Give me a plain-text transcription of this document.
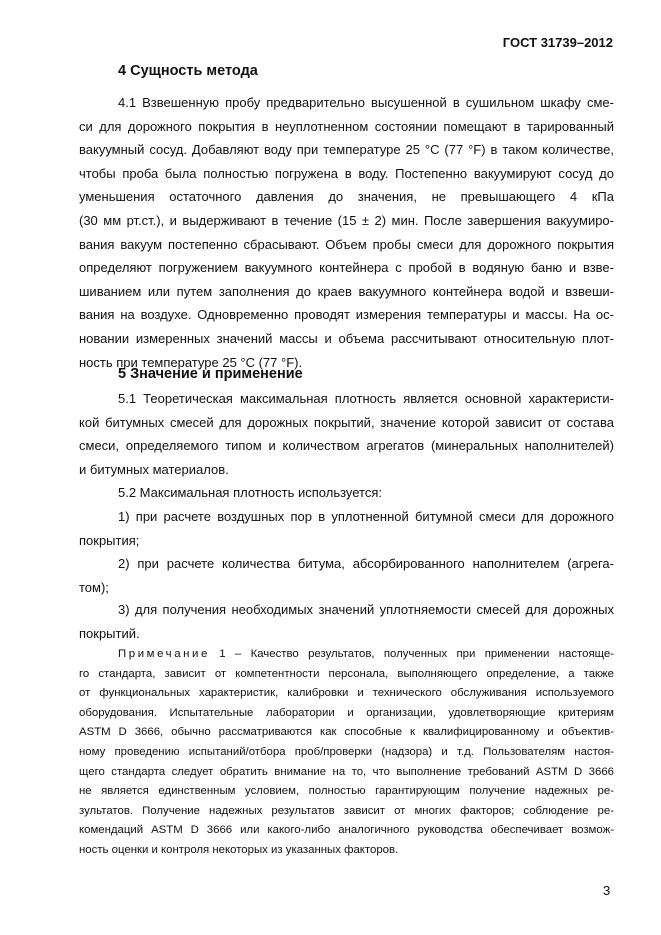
ГОСТ 31739–2012
4 Сущность метода
4.1 Взвешенную пробу предварительно высушенной в сушильном шкафу сме-
си для дорожного покрытия в неуплотненном состоянии помещают в тарированный
вакуумный сосуд. Добавляют воду при температуре 25 °С (77 °F) в таком количестве,
чтобы проба была полностью погружена в воду. Постепенно вакуумируют сосуд до
уменьшения остаточного давления до значения, не превышающего 4 кПа
(30 мм рт.ст.), и выдерживают в течение (15 ± 2) мин. После завершения вакуумиро-
вания вакуум постепенно сбрасывают. Объем пробы смеси для дорожного покрытия
определяют погружением вакуумного контейнера с пробой в водяную баню и взве-
шиванием или путем заполнения до краев вакуумного контейнера водой и взвеши-
вания на воздухе. Одновременно проводят измерения температуры и массы. На ос-
новании измеренных значений массы и объема рассчитывают относительную плот-
ность при температуре 25 °С (77 °F).
5 Значение и применение
5.1 Теоретическая максимальная плотность является основной характеристи-
кой битумных смесей для дорожных покрытий, значение которой зависит от состава
смеси, определяемого типом и количеством агрегатов (минеральных наполнителей)
и битумных материалов.
5.2 Максимальная плотность используется:
1) при расчете воздушных пор в уплотненной битумной смеси для дорожного
покрытия;
2) при расчете количества битума, абсорбированного наполнителем (агрега-
том);
3) для получения необходимых значений уплотняемости смесей для дорожных
покрытий.
Примечание 1 – Качество результатов, полученных при применении настояще-
го стандарта, зависит от компетентности персонала, выполняющего определение, а также
от функциональных характеристик, калибровки и технического обслуживания используемого
оборудования. Испытательные лаборатории и организации, удовлетворяющие критериям
ASTM D 3666, обычно рассматриваются как способные к квалифицированному и объектив-
ному проведению испытаний/отбора проб/проверки (надзора) и т.д. Пользователям настоя-
щего стандарта следует обратить внимание на то, что выполнение требований ASTM D 3666
не является единственным условием, полностью гарантирующим получение надежных ре-
зультатов. Получение надежных результатов зависит от многих факторов; соблюдение ре-
комендаций ASTM D 3666 или какого-либо аналогичного руководства обеспечивает возмож-
ность оценки и контроля некоторых из указанных факторов.
3
